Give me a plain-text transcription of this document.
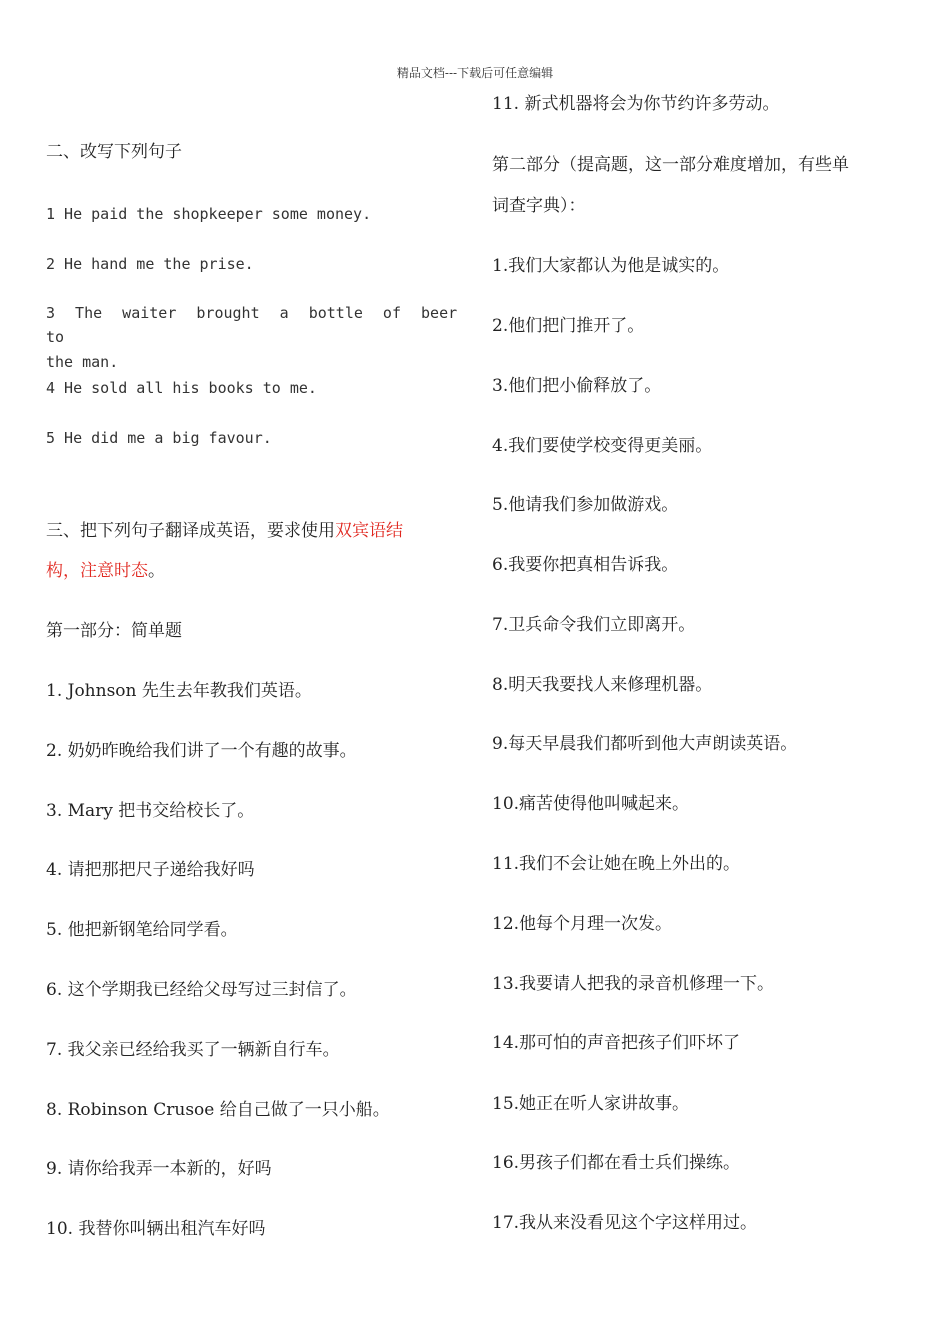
精品文档---下载后可任意编辑
二、改写下列句子
1 He paid the shopkeeper some money.
2 He hand me the prise.
3 The waiter brought a bottle of beer to
the man.
4 He sold all his books to me.
5 He did me a big favour.
三、把下列句子翻译成英语，要求使用双宾语结
构，注意时态。
第一部分：简单题
1. Johnson 先生去年教我们英语。
2. 奶奶昨晚给我们讲了一个有趣的故事。
3. Mary 把书交给校长了。
4. 请把那把尺子递给我好吗
5. 他把新钢笔给同学看。
6. 这个学期我已经给父母写过三封信了。
7. 我父亲已经给我买了一辆新自行车。
8. Robinson Crusoe 给自己做了一只小船。
9. 请你给我弄一本新的，好吗
10. 我替你叫辆出租汽车好吗
11. 新式机器将会为你节约许多劳动。
第二部分（提高题，这一部分难度增加，有些单
词查字典）：
1.我们大家都认为他是诚实的。
2.他们把门推开了。
3.他们把小偷释放了。
4.我们要使学校变得更美丽。
5.他请我们参加做游戏。
6.我要你把真相告诉我。
7.卫兵命令我们立即离开。
8.明天我要找人来修理机器。
9.每天早晨我们都听到他大声朗读英语。
10.痛苦使得他叫喊起来。
11.我们不会让她在晚上外出的。
12.他每个月理一次发。
13.我要请人把我的录音机修理一下。
14.那可怕的声音把孩子们吓坏了
15.她正在听人家讲故事。
16.男孩子们都在看士兵们操练。
17.我从来没看见这个字这样用过。
